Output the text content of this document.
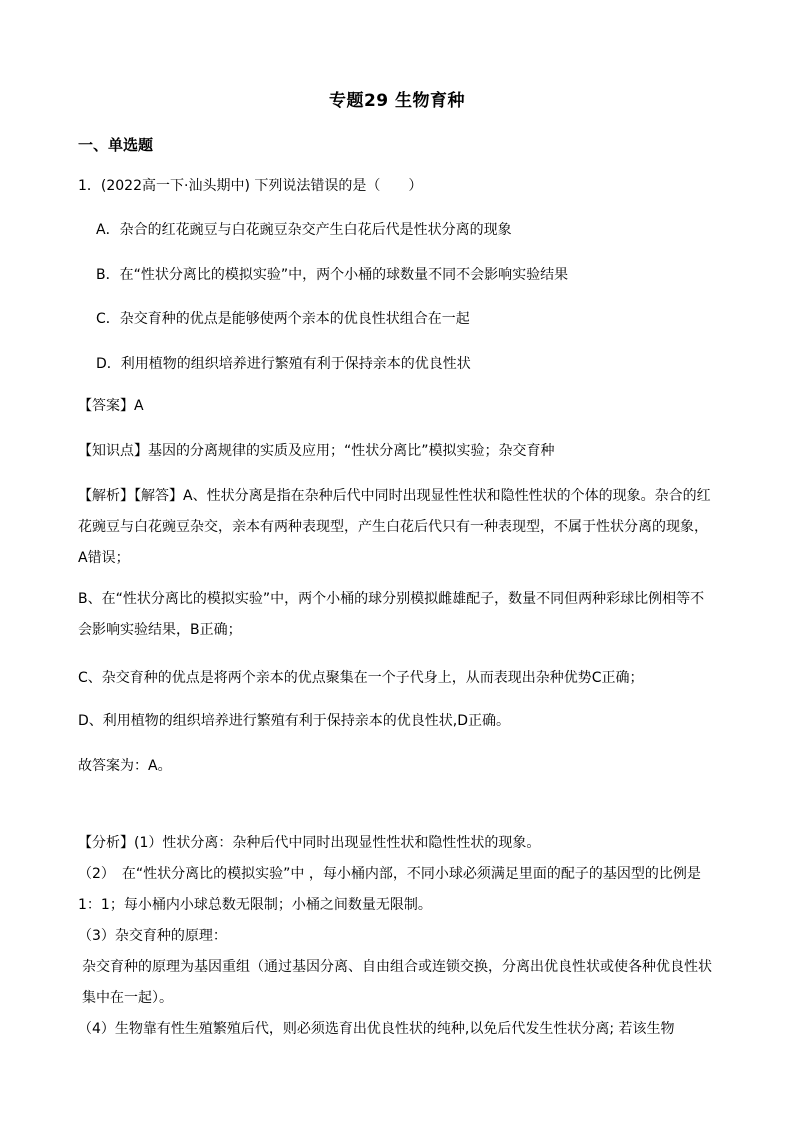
专题29 生物育种
一、单选题
1．(2022高一下·汕头期中) 下列说法错误的是（　　）
A．杂合的红花豌豆与白花豌豆杂交产生白花后代是性状分离的现象
B．在“性状分离比的模拟实验”中，两个小桶的球数量不同不会影响实验结果
C．杂交育种的优点是能够使两个亲本的优良性状组合在一起
D．利用植物的组织培养进行繁殖有利于保持亲本的优良性状
【答案】A
【知识点】基因的分离规律的实质及应用；“性状分离比”模拟实验；杂交育种
【解析】【解答】A、性状分离是指在杂种后代中同时出现显性性状和隐性性状的个体的现象。杂合的红花豌豆与白花豌豆杂交，亲本有两种表现型，产生白花后代只有一种表现型，不属于性状分离的现象，A错误；
B、在“性状分离比的模拟实验”中，两个小桶的球分别模拟雌雄配子，数量不同但两种彩球比例相等不会影响实验结果，B正确；
C、杂交育种的优点是将两个亲本的优点聚集在一个子代身上，从而表现出杂种优势C正确；
D、利用植物的组织培养进行繁殖有利于保持亲本的优良性状,D正确。
故答案为：A。
【分析】(1）性状分离：杂种后代中同时出现显性性状和隐性性状的现象。
（2）　在“性状分离比的模拟实验”中 ，每小桶内部，不同小球必须满足里面的配子的基因型的比例是1：1；每小桶内小球总数无限制；小桶之间数量无限制。
（3）杂交育种的原理：
杂交育种的原理为基因重组（通过基因分离、自由组合或连锁交换，分离出优良性状或使各种优良性状集中在一起）。
（4）生物靠有性生殖繁殖后代，则必须选育出优良性状的纯种,以免后代发生性状分离; 若该生物
